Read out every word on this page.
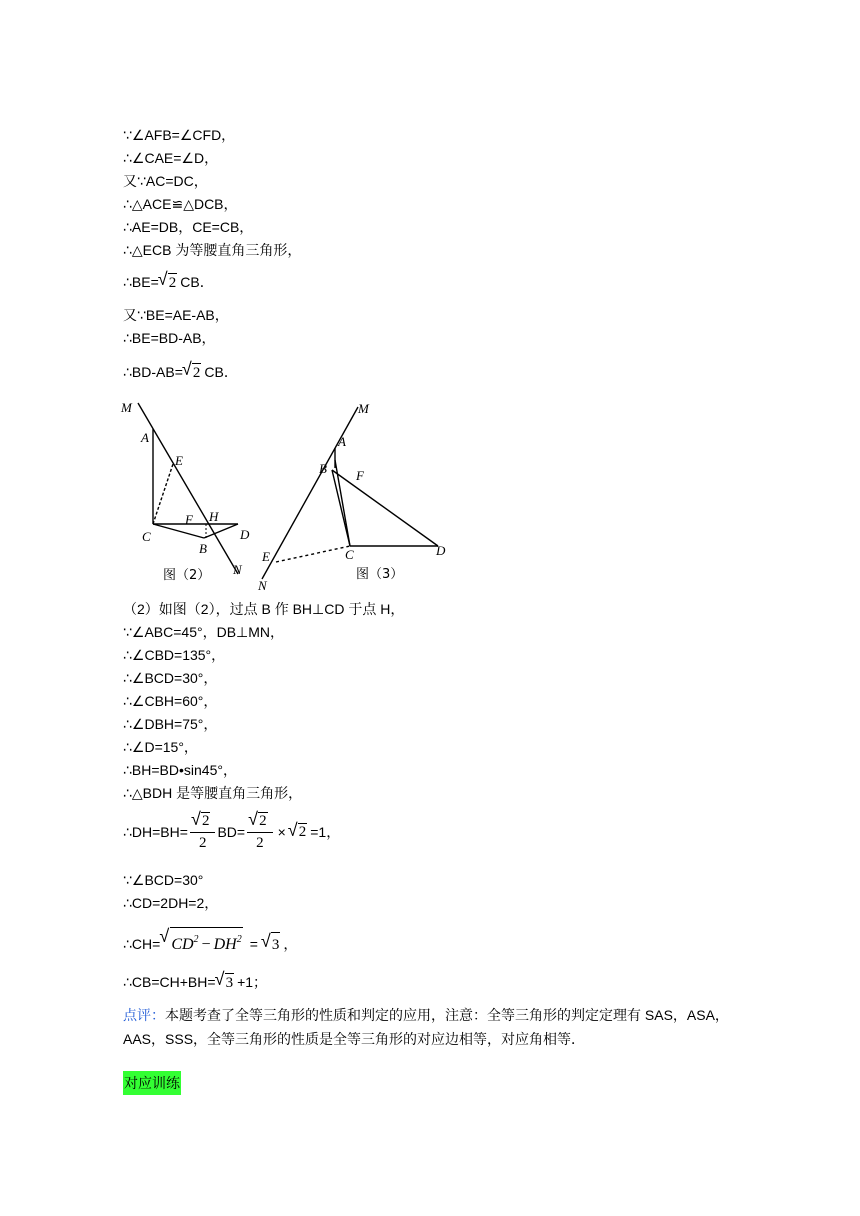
∵∠AFB=∠CFD，
∴∠CAE=∠D，
又∵AC=DC，
∴△ACE≌△DCB，
∴AE=DB，CE=CB，
∴△ECB 为等腰直角三角形，
∴BE= √ 2 CB．
又∵BE=AE-AB，
∴BE=BD-AB，
∴BD-AB= √ 2 CB．
M
A
E
F H
C
B
D
N
图（2）
M
A
B F
E	C	D
N
图（3）
（2）如图（2），过点 B 作 BH⊥CD 于点 H，
∵∠ABC=45°，DB⊥MN，
∴∠CBD=135°，
∴∠BCD=30°，
∴∠CBH=60°，
∴∠DBH=75°，
∴∠D=15°，
∴BH=BD•sin45°，
∴△BDH 是等腰直角三角形，
∴DH=BH= √ $\frac{2}{2} BD=$ √ $\frac{2}{2}$ × √ 2 =1，
∵∠BCD=30°
∴CD=2DH=2，
∴CH= √ $CD^2 - DH^2$ = √ 3 ，
∴CB=CH+BH= √ 3 +1；
点评：本题考查了全等三角形的性质和判定的应用，注意：全等三角形的判定定理有 SAS，ASA，AAS，SSS，全等三角形的性质是全等三角形的对应边相等，对应角相等．
对应训练
